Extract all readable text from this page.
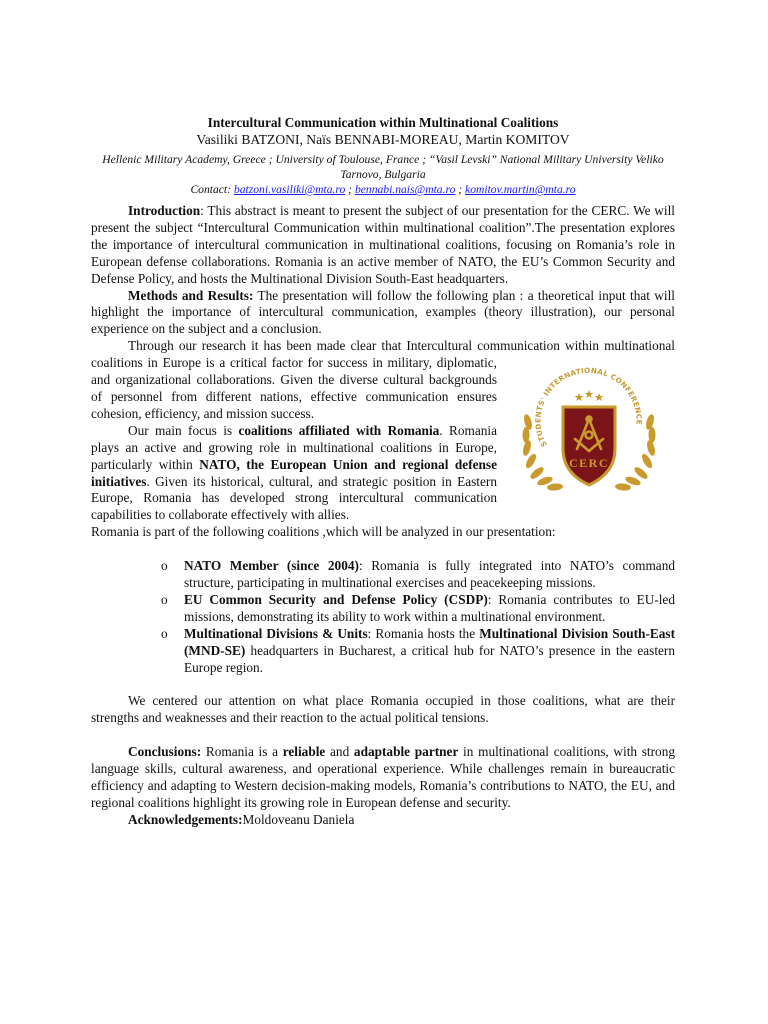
Intercultural Communication within Multinational Coalitions
Vasiliki BATZONI, Naïs BENNABI-MOREAU, Martin KOMITOV
Hellenic Military Academy, Greece ; University of Toulouse, France ; “Vasil Levski” National Military University Veliko Tarnovo, Bulgaria
Contact: batzoni.vasiliki@mta.ro ; bennabi.nais@mta.ro ; komitov.martin@mta.ro

Introduction: This abstract is meant to present the subject of our presentation for the CERC. We will present the subject “Intercultural Communication within multinational coalition”.The presentation explores the importance of intercultural communication in multinational coalitions, focusing on Romania’s role in European defense collaborations. Romania is an active member of NATO, the EU’s Common Security and Defense Policy, and hosts the Multinational Division South-East headquarters.

Methods and Results: The presentation will follow the following plan : a theoretical input that will highlight the importance of intercultural communication, examples (theory illustration), our personal experience on the subject and a conclusion.

Through our research it has been made clear that Intercultural communication within
STUDENTS' INTERNATIONAL CONFERENCE
CERC
multinational coalitions in Europe is a critical factor for success in military, diplomatic, and organizational collaborations. Given the diverse cultural backgrounds of personnel from different nations, effective communication ensures cohesion, efficiency, and mission success.

Our main focus is coalitions affiliated with Romania. Romania plays an active and growing role in multinational coalitions in Europe, particularly within NATO, the European Union and regional defense initiatives. Given its historical, cultural, and strategic position in Eastern Europe, Romania has developed strong intercultural communication capabilities to collaborate effectively with allies.

Romania is part of the following coalitions ,which will be analyzed in our presentation:

o NATO Member (since 2004): Romania is fully integrated into NATO’s command structure, participating in multinational exercises and peacekeeping missions.
o EU Common Security and Defense Policy (CSDP): Romania contributes to EU-led missions, demonstrating its ability to work within a multinational environment.
o Multinational Divisions & Units: Romania hosts the Multinational Division South-East (MND-SE) headquarters in Bucharest, a critical hub for NATO’s presence in the eastern Europe region.

We centered our attention on what place Romania occupied in those coalitions, what are their strengths and weaknesses and their reaction to the actual political tensions.

Conclusions: Romania is a reliable and adaptable partner in multinational coalitions, with strong language skills, cultural awareness, and operational experience. While challenges remain in bureaucratic efficiency and adapting to Western decision-making models, Romania’s contributions to NATO, the EU, and regional coalitions highlight its growing role in European defense and security.

Acknowledgements:Moldoveanu Daniela
